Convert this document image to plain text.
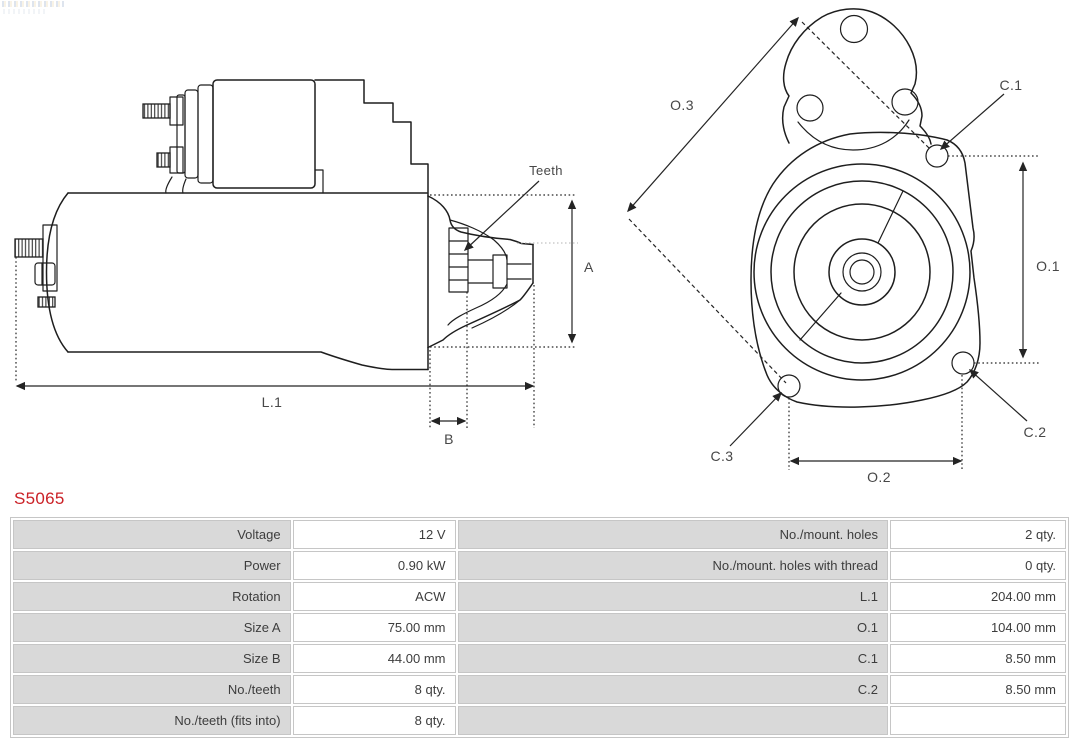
A
L.1
B
Teeth
O.3
O.1
O.2
C.1
C.2
C.3
S5065
Voltage	12 V	No./mount. holes	2 qty.
Power	0.90 kW	No./mount. holes with thread	0 qty.
Rotation	ACW	L.1	204.00 mm
Size A	75.00 mm	O.1	104.00 mm
Size B	44.00 mm	C.1	8.50 mm
No./teeth	8 qty.	C.2	8.50 mm
No./teeth (fits into)	8 qty.		
